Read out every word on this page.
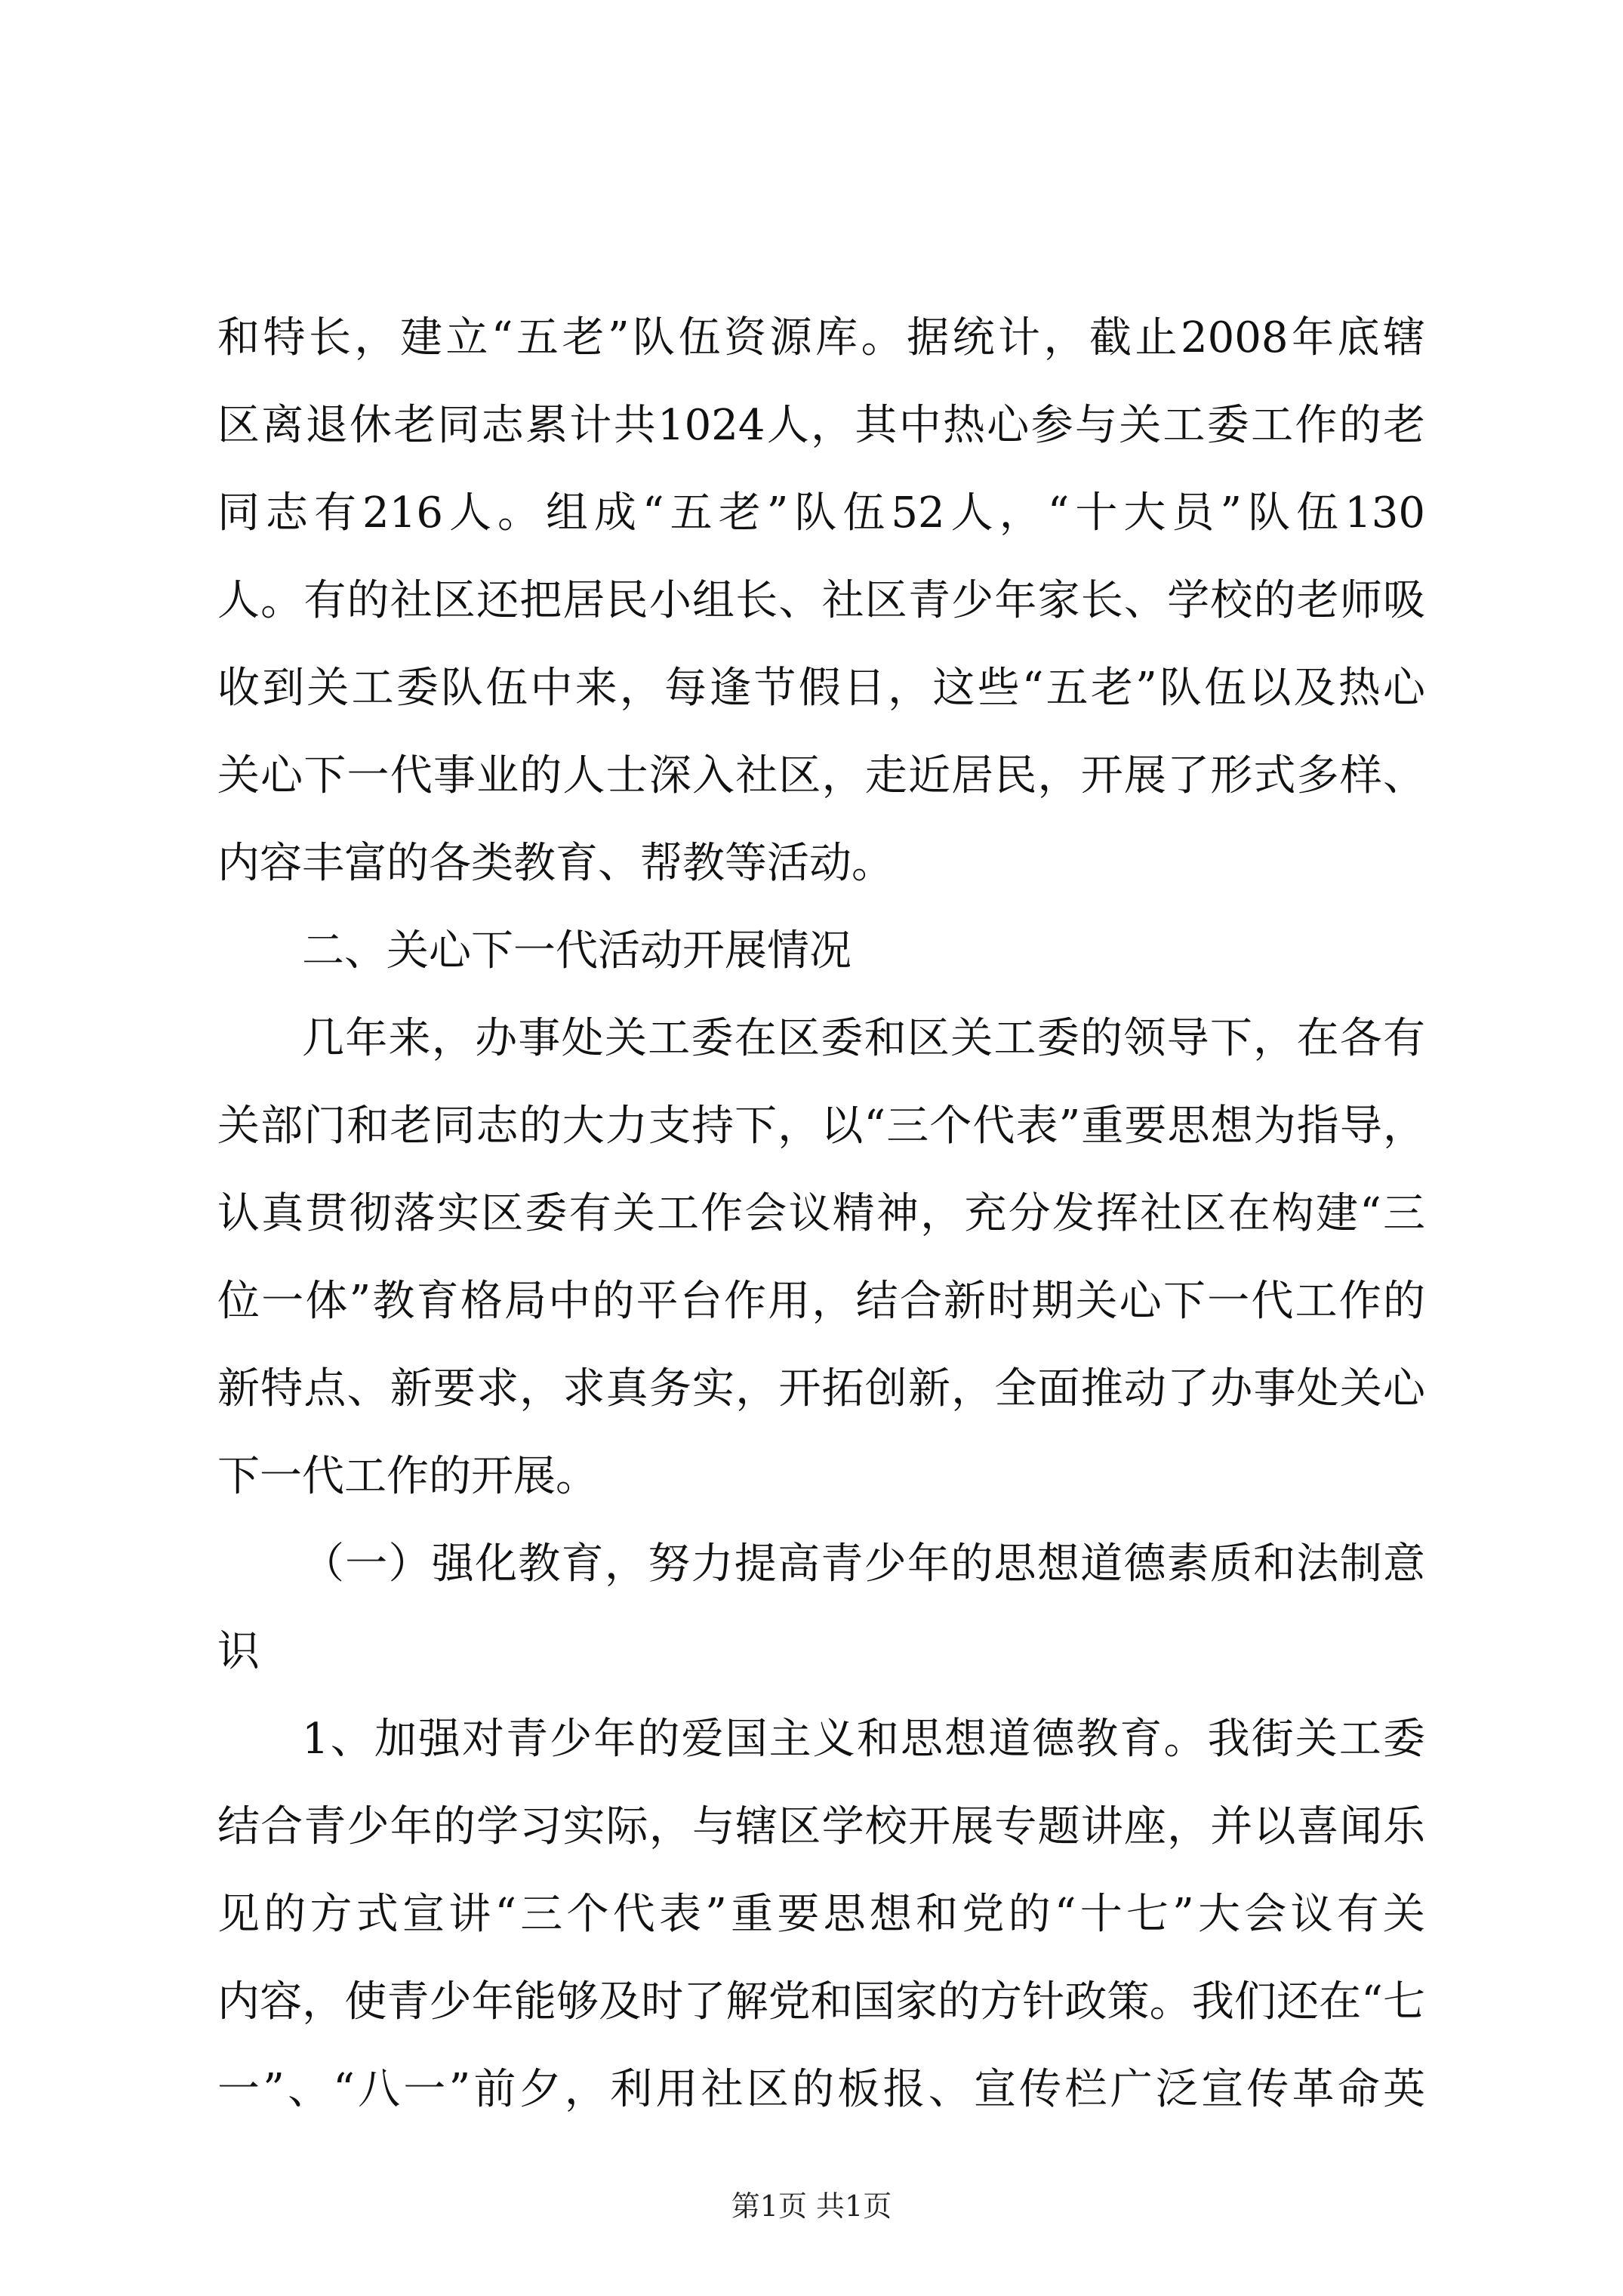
和特长，建立“五老”队伍资源库。据统计，截止2008年底辖
区离退休老同志累计共1024人，其中热心参与关工委工作的老
同志有216人。组成“五老”队伍52人，“十大员”队伍130
人。有的社区还把居民小组长、社区青少年家长、学校的老师吸
收到关工委队伍中来，每逢节假日，这些“五老”队伍以及热心
关心下一代事业的人士深入社区，走近居民，开展了形式多样、
内容丰富的各类教育、帮教等活动。
二、关心下一代活动开展情况
几年来，办事处关工委在区委和区关工委的领导下，在各有
关部门和老同志的大力支持下，以“三个代表”重要思想为指导，
认真贯彻落实区委有关工作会议精神，充分发挥社区在构建“三
位一体”教育格局中的平台作用，结合新时期关心下一代工作的
新特点、新要求，求真务实，开拓创新，全面推动了办事处关心
下一代工作的开展。
（一）强化教育，努力提高青少年的思想道德素质和法制意
识
1、加强对青少年的爱国主义和思想道德教育。我街关工委
结合青少年的学习实际，与辖区学校开展专题讲座，并以喜闻乐
见的方式宣讲“三个代表”重要思想和党的“十七”大会议有关
内容，使青少年能够及时了解党和国家的方针政策。我们还在“七
一”、“八一”前夕，利用社区的板报、宣传栏广泛宣传革命英
第1页 共1页
